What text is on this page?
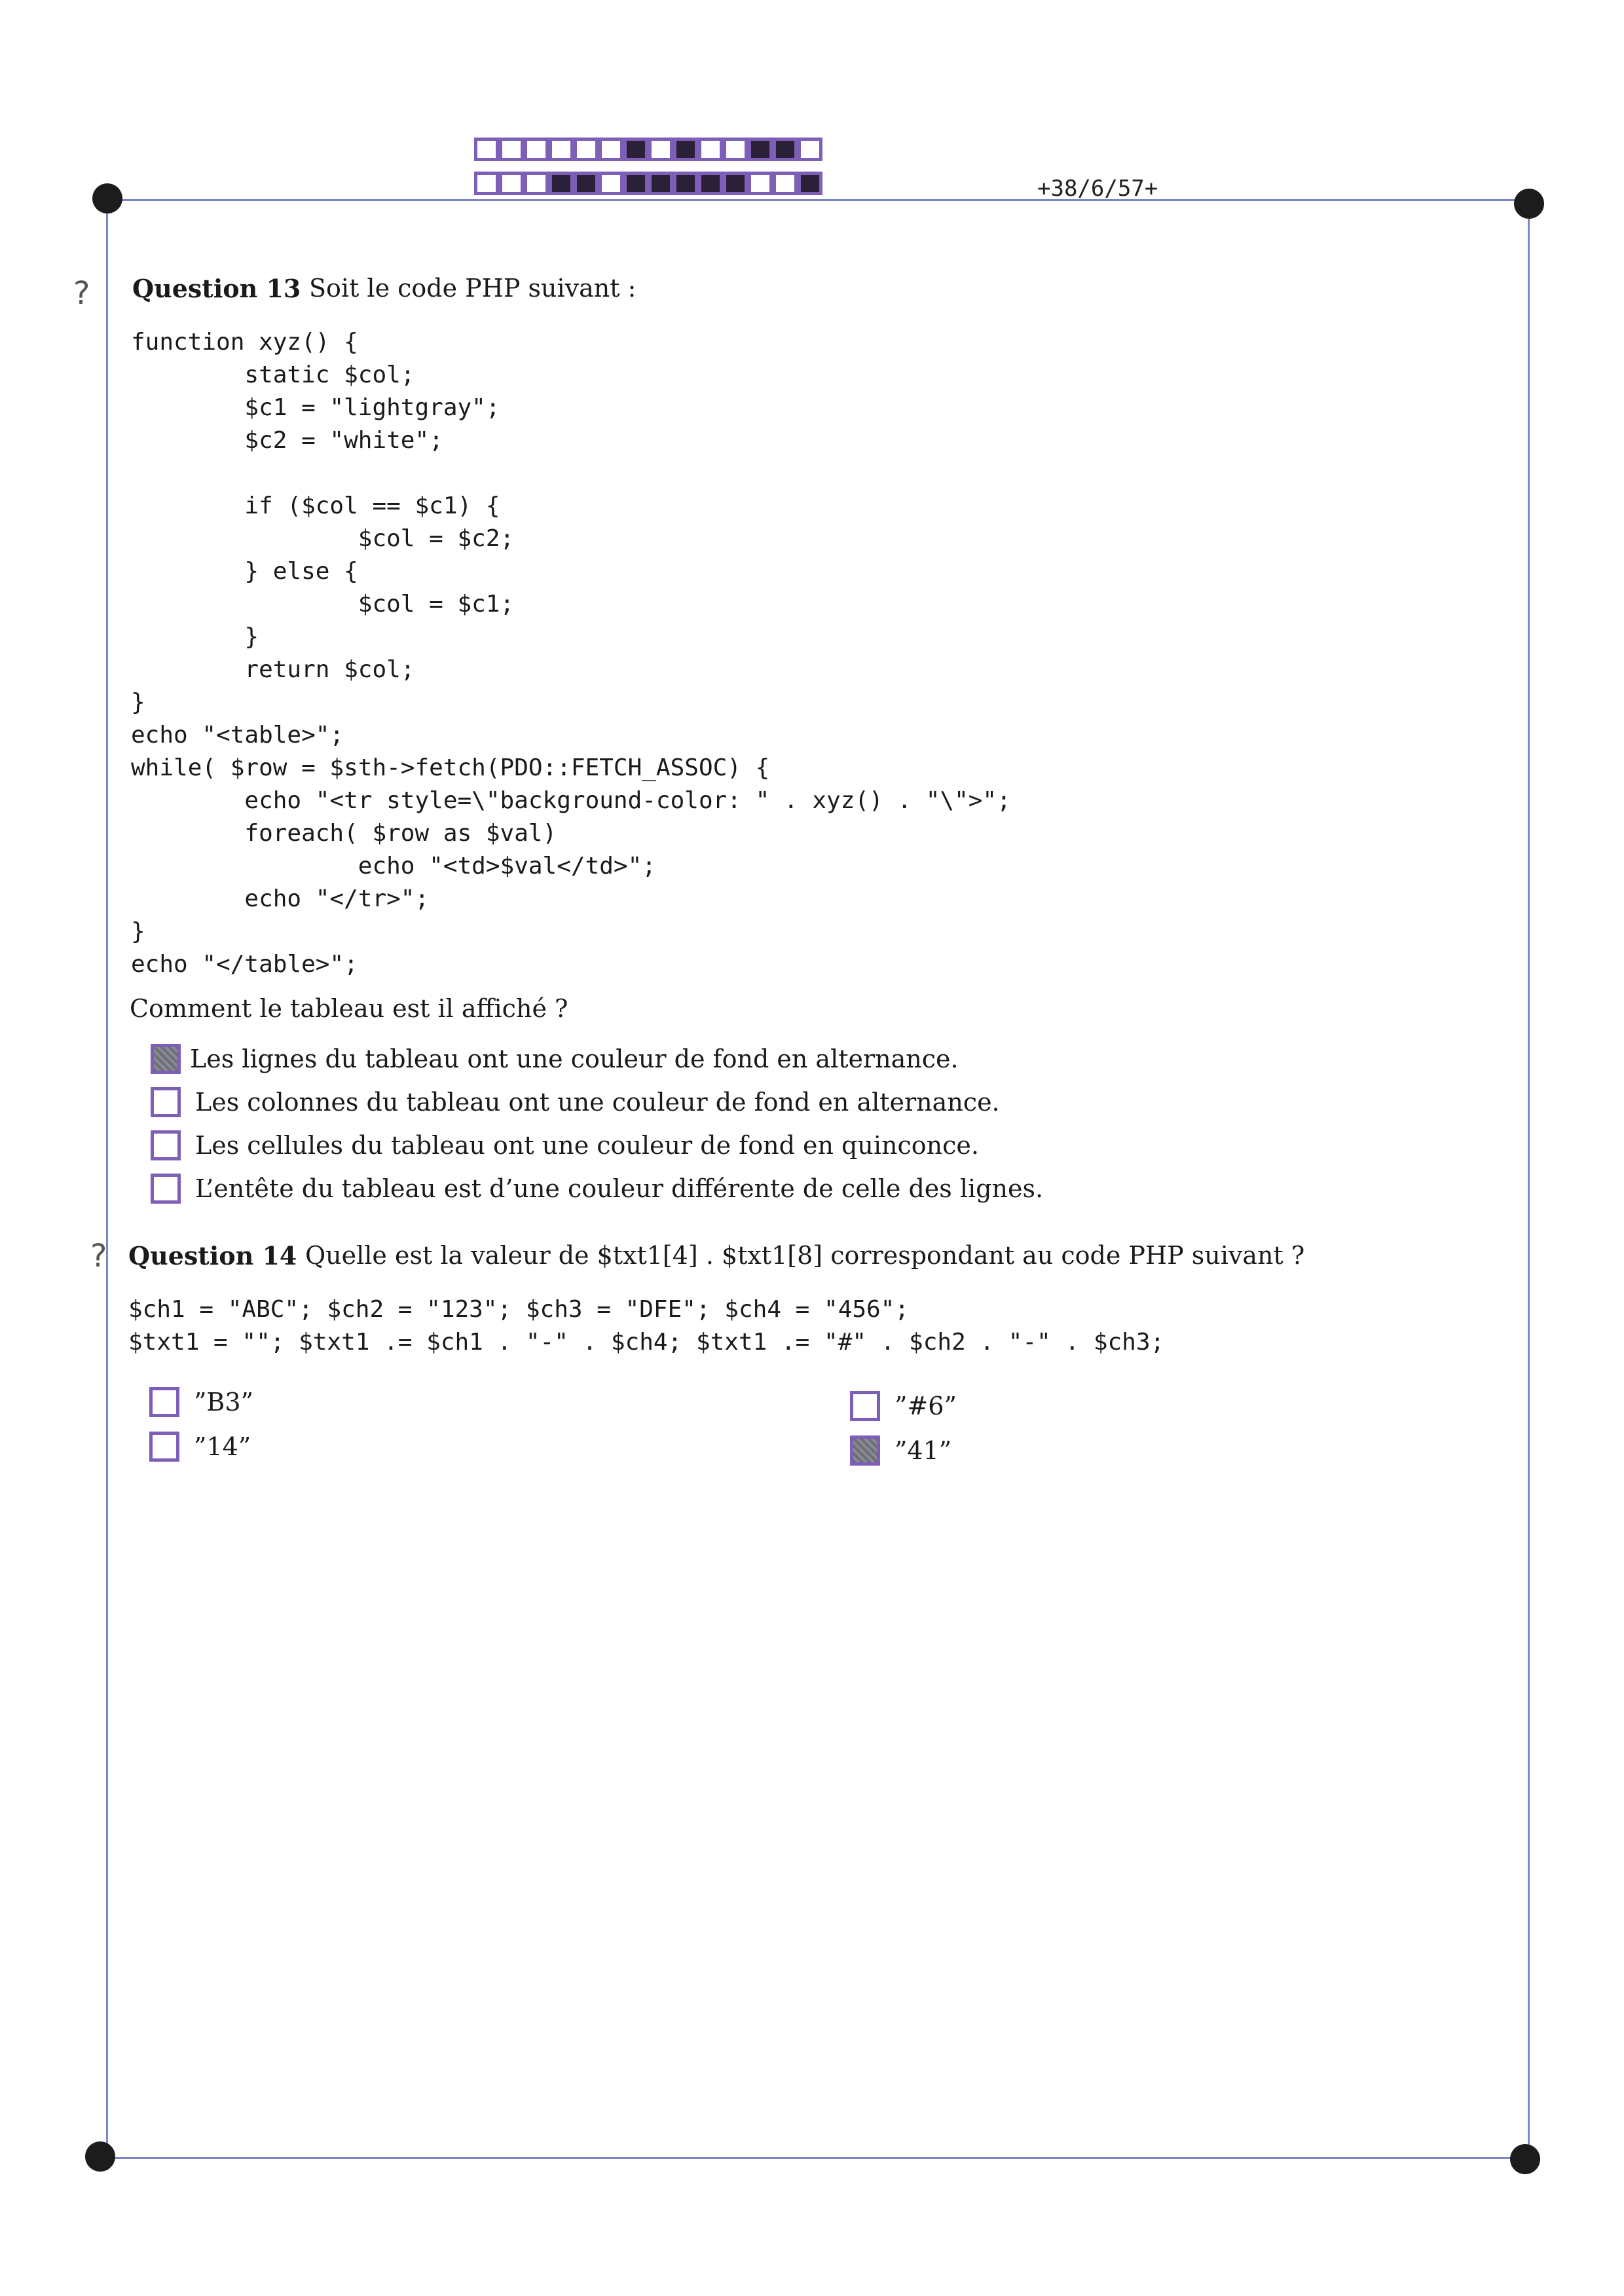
+38/6/57+
?
?
Question 13 Soit le code PHP suivant :
function xyz() {
static $col;
$c1 = "lightgray";
$c2 = "white";

if ($col == $c1) {
$col = $c2;
} else {
$col = $c1;
}
return $col;
}
echo "<table>";
while( $row = $sth->fetch(PDO::FETCH_ASSOC) {
echo "<tr style=\"background-color: " . xyz() . "\">";
foreach( $row as $val)
echo "<td>$val</td>";
echo "</tr>";
}
echo "</table>";
Comment le tableau est il affiché ?
Les lignes du tableau ont une couleur de fond en alternance.
Les colonnes du tableau ont une couleur de fond en alternance.
Les cellules du tableau ont une couleur de fond en quinconce.
L’entête du tableau est d’une couleur différente de celle des lignes.
Question 14 Quelle est la valeur de $txt1[4] . $txt1[8] correspondant au code PHP suivant ?
$ch1 = "ABC"; $ch2 = "123"; $ch3 = "DFE"; $ch4 = "456";
$txt1 = ""; $txt1 .= $ch1 . "-" . $ch4; $txt1 .= "#" . $ch2 . "-" . $ch3;
”B3”
”14”
”#6”
”41”
